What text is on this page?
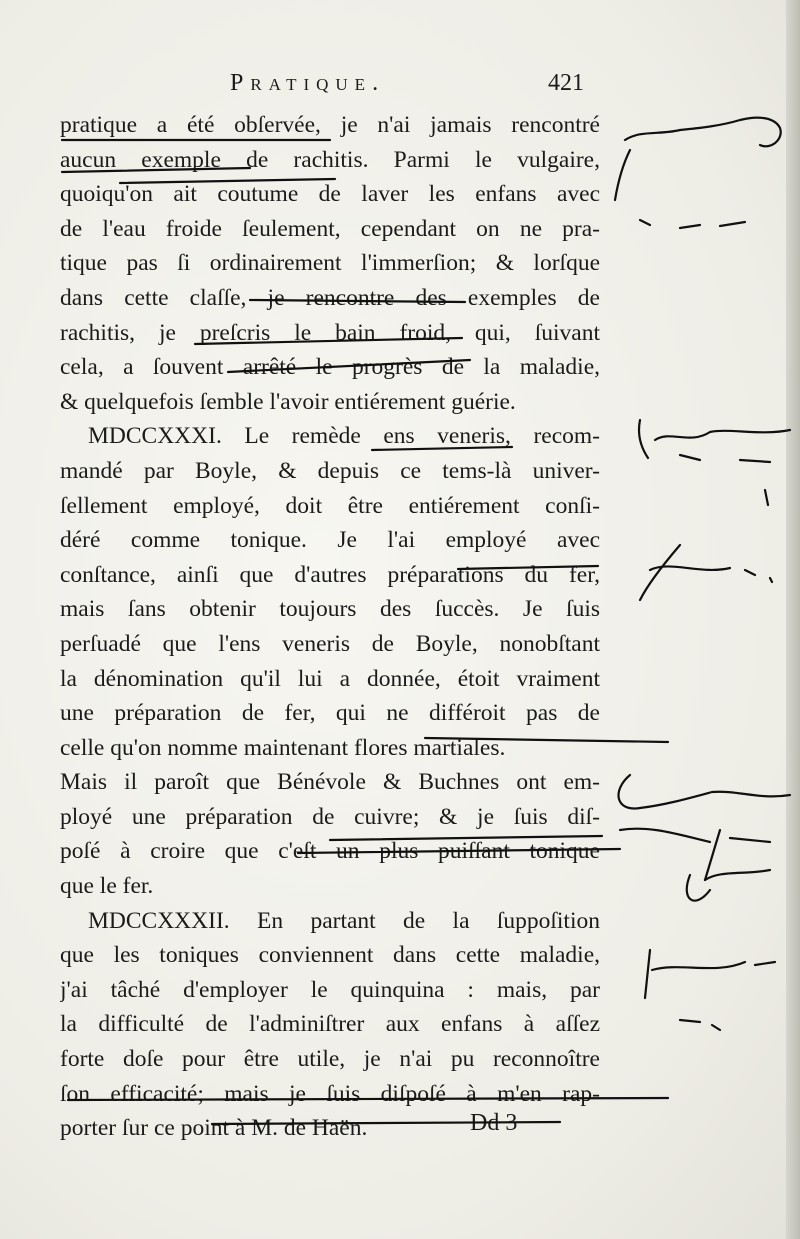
Pratique.	421
pratique a été obſervée, je n'ai jamais rencontré
aucun exemple de rachitis. Parmi le vulgaire,
quoiqu'on ait coutume de laver les enfans avec
de l'eau froide ſeulement, cependant on ne pra-
tique pas ſi ordinairement l'immerſion; & lorſque
dans cette claſſe, je rencontre des exemples de
rachitis, je preſcris le bain froid, qui, ſuivant
cela, a ſouvent arrêté le progrès de la maladie,
& quelquefois ſemble l'avoir entiérement guérie.
MDCCXXXI. Le remède ens veneris, recom-
mandé par Boyle, & depuis ce tems-là univer-
ſellement employé, doit être entiérement conſi-
déré comme tonique. Je l'ai employé avec
conſtance, ainſi que d'autres préparations du fer,
mais ſans obtenir toujours des ſuccès. Je ſuis
perſuadé que l'ens veneris de Boyle, nonobſtant
la dénomination qu'il lui a donnée, étoit vraiment
une préparation de fer, qui ne différoit pas de
celle qu'on nomme maintenant flores martiales.
Mais il paroît que Bénévole & Buchnes ont em-
ployé une préparation de cuivre; & je ſuis diſ-
poſé à croire que c'eſt un plus puiſſant tonique
que le fer.
MDCCXXXII. En partant de la ſuppoſition
que les toniques conviennent dans cette maladie,
j'ai tâché d'employer le quinquina : mais, par
la difficulté de l'adminiſtrer aux enfans à aſſez
forte doſe pour être utile, je n'ai pu reconnoître
ſon efficacité; mais je ſuis diſpoſé à m'en rap-
porter ſur ce point à M. de Haën.	Dd 3
